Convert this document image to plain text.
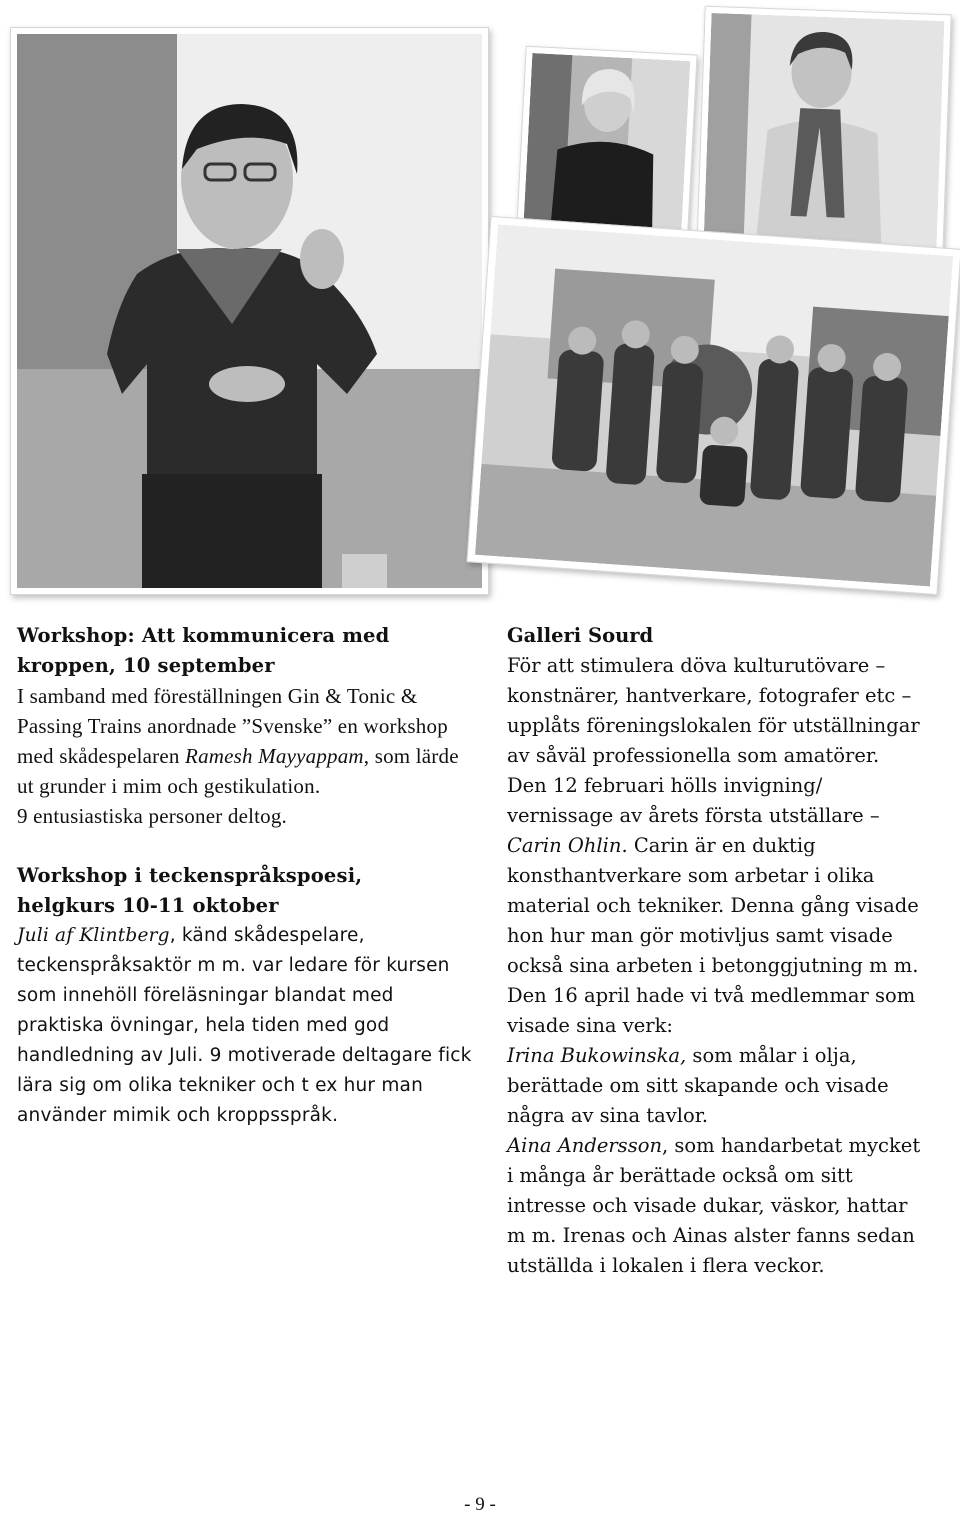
Workshop: Att kommunicera med

kroppen, 10 september

I samband med föreställningen Gin & Tonic & Passing Trains anordnade ”Svenske” en workshop med skådespelaren Ramesh Mayyappam, som lärde ut grunder i mim och gestikulation.

9 entusiastiska personer deltog.

Workshop i teckenspråkspoesi,

helgkurs 10-11 oktober

Juli af Klintberg, känd skådespelare, teckenspråksaktör m m. var ledare för kursen som innehöll föreläsningar blandat med praktiska övningar, hela tiden med god handledning av Juli. 9 motiverade deltagare fick lära sig om olika tekniker och t ex hur man använder mimik och kroppsspråk.

Galleri Sourd

För att stimulera döva kulturutövare – konstnärer, hantverkare, fotografer etc – upplåts föreningslokalen för utställningar av såväl professionella som amatörer.

Den 12 februari hölls invigning/ vernissage av årets första utställare – Carin Ohlin. Carin är en duktig konsthantverkare som arbetar i olika material och tekniker. Denna gång visade hon hur man gör motivljus samt visade också sina arbeten i betonggjutning m m.

Den 16 april hade vi två medlemmar som visade sina verk:

Irina Bukowinska, som målar i olja, berättade om sitt skapande och visade några av sina tavlor.

Aina Andersson, som handarbetat mycket i många år berättade också om sitt intresse och visade dukar, väskor, hattar m m. Irenas och Ainas alster fanns sedan utställda i lokalen i flera veckor.

- 9 -
